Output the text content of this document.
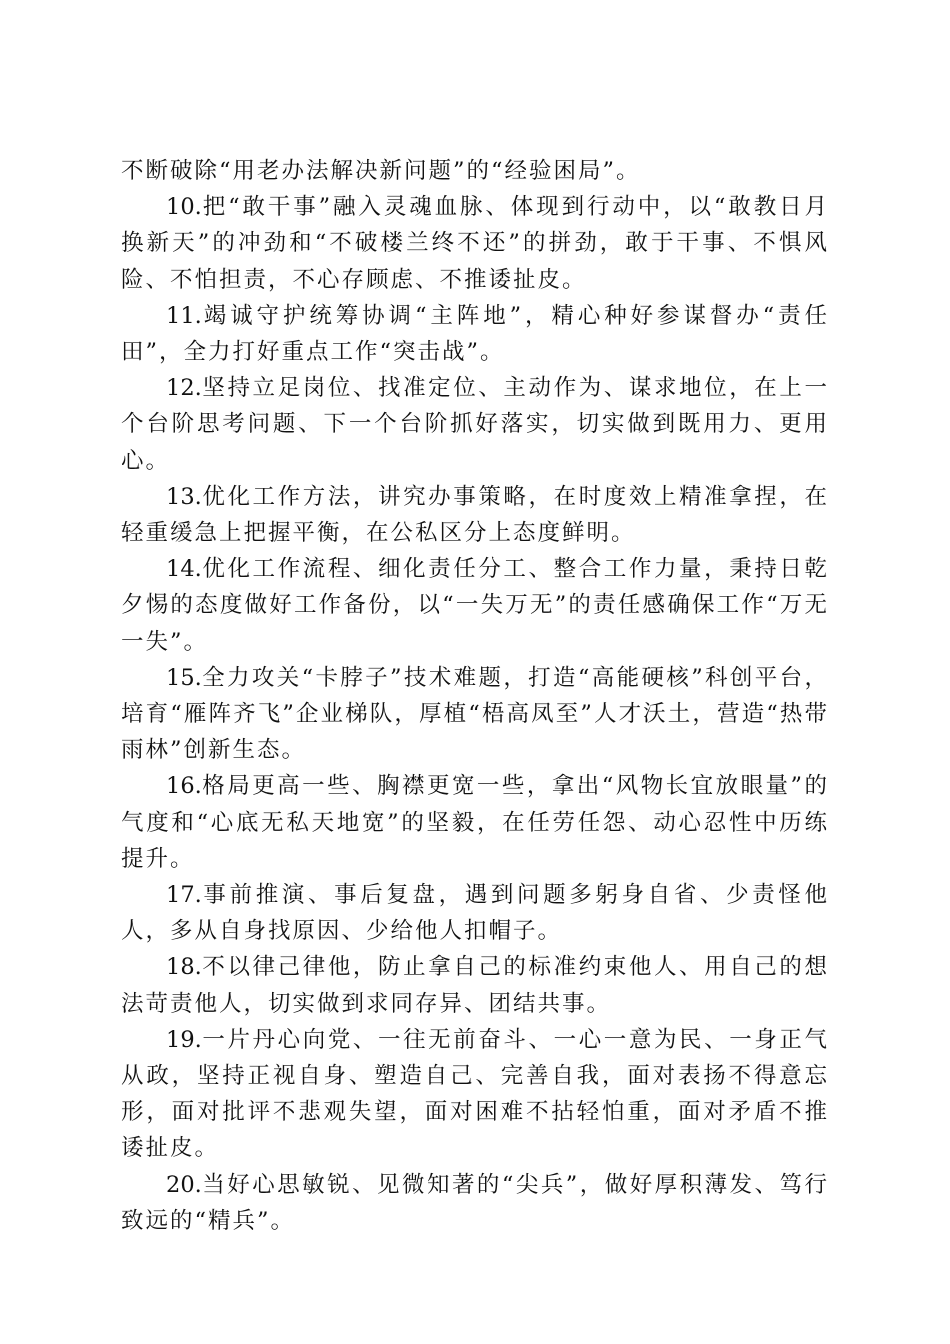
不断破除“用老办法解决新问题”的“经验困局”。

10.把“敢干事”融入灵魂血脉、体现到行动中，以“敢教日月换新天”的冲劲和“不破楼兰终不还”的拼劲，敢于干事、不惧风险、不怕担责，不心存顾虑、不推诿扯皮。

11.竭诚守护统筹协调“主阵地”，精心种好参谋督办“责任田”，全力打好重点工作“突击战”。

12.坚持立足岗位、找准定位、主动作为、谋求地位，在上一个台阶思考问题、下一个台阶抓好落实，切实做到既用力、更用心。

13.优化工作方法，讲究办事策略，在时度效上精准拿捏，在轻重缓急上把握平衡，在公私区分上态度鲜明。

14.优化工作流程、细化责任分工、整合工作力量，秉持日乾夕惕的态度做好工作备份，以“一失万无”的责任感确保工作“万无一失”。

15.全力攻关“卡脖子”技术难题，打造“高能硬核”科创平台，培育“雁阵齐飞”企业梯队，厚植“梧高凤至”人才沃土，营造“热带雨林”创新生态。

16.格局更高一些、胸襟更宽一些，拿出“风物长宜放眼量”的气度和“心底无私天地宽”的坚毅，在任劳任怨、动心忍性中历练提升。

17.事前推演、事后复盘，遇到问题多躬身自省、少责怪他人，多从自身找原因、少给他人扣帽子。

18.不以律己律他，防止拿自己的标准约束他人、用自己的想法苛责他人，切实做到求同存异、团结共事。

19.一片丹心向党、一往无前奋斗、一心一意为民、一身正气从政，坚持正视自身、塑造自己、完善自我，面对表扬不得意忘形，面对批评不悲观失望，面对困难不拈轻怕重，面对矛盾不推诿扯皮。

20.当好心思敏锐、见微知著的“尖兵”，做好厚积薄发、笃行致远的“精兵”。
